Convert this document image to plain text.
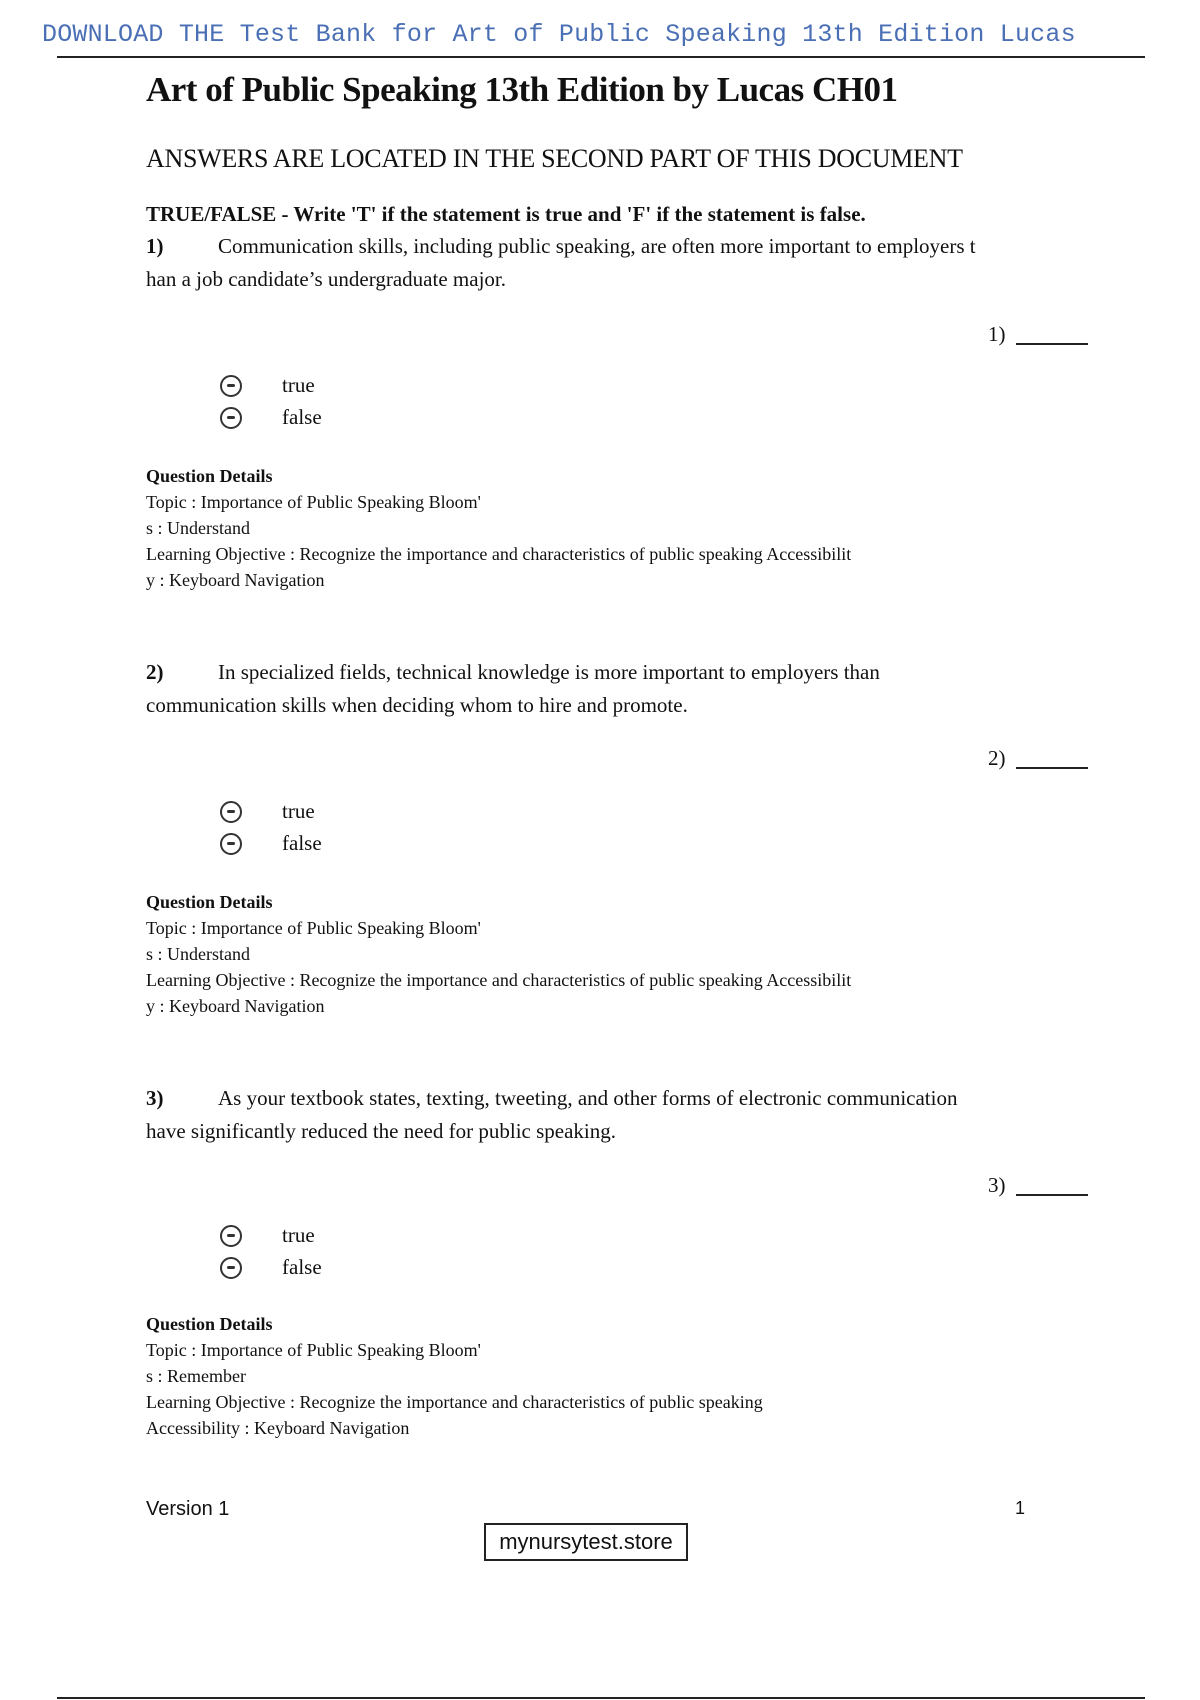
DOWNLOAD THE Test Bank for Art of Public Speaking 13th Edition Lucas
Art of Public Speaking 13th Edition by Lucas CH01
ANSWERS ARE LOCATED IN THE SECOND PART OF THIS DOCUMENT
TRUE/FALSE - Write 'T' if the statement is true and 'F' if the statement is false.
1)	Communication skills, including public speaking, are often more important to employers t
han a job candidate’s undergraduate major.
1)
true
false
Question Details
Topic : Importance of Public Speaking Bloom'
s : Understand
Learning Objective : Recognize the importance and characteristics of public speaking Accessibilit
y : Keyboard Navigation
2)	In specialized fields, technical knowledge is more important to employers than
communication skills when deciding whom to hire and promote.
2)
true
false
Question Details
Topic : Importance of Public Speaking Bloom'
s : Understand
Learning Objective : Recognize the importance and characteristics of public speaking Accessibilit
y : Keyboard Navigation
3)	As your textbook states, texting, tweeting, and other forms of electronic communication
have significantly reduced the need for public speaking.
3)
true
false
Question Details
Topic : Importance of Public Speaking Bloom'
s : Remember
Learning Objective : Recognize the importance and characteristics of public speaking
Accessibility : Keyboard Navigation
Version 1	1
mynursytest.store
